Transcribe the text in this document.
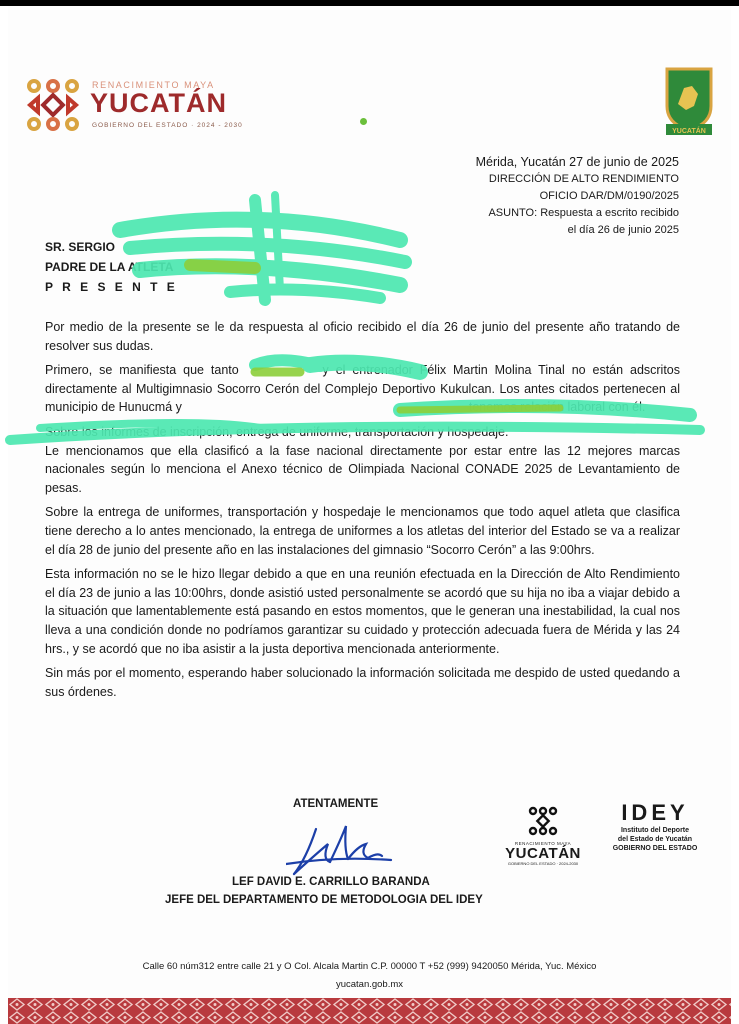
RENACIMIENTO MAYA
YUCATÁN
GOBIERNO DEL ESTADO · 2024 - 2030
YUCATÁN
Mérida, Yucatán 27 de junio de 2025
DIRECCIÓN DE ALTO RENDIMIENTO
OFICIO DAR/DM/0190/2025
ASUNTO: Respuesta a escrito recibido
el día 26 de junio 2025
SR. SERGIO
PADRE DE LA ATLETA
P R E S E N T E

Por medio de la presente se le da respuesta al oficio recibido el día 26 de junio del presente año tratando de resolver sus dudas.

Primero, se manifiesta que tanto	y el entrenador Félix Martin Molina Tinal no están adscritos directamente al Multigimnasio Socorro Cerón del Complejo Deportivo Kukulcan. Los antes citados pertenecen al municipio de Hunucmá y	tenemos relación laboral con él.

Sobre los informes de inscripción, entrega de uniforme, transportación y hospedaje.

Le mencionamos que ella clasificó a la fase nacional directamente por estar entre las 12 mejores marcas nacionales según lo menciona el Anexo técnico de Olimpiada Nacional CONADE 2025 de Levantamiento de pesas.

Sobre la entrega de uniformes, transportación y hospedaje le mencionamos que todo aquel atleta que clasifica tiene derecho a lo antes mencionado, la entrega de uniformes a los atletas del interior del Estado se va a realizar el día 28 de junio del presente año en las instalaciones del gimnasio “Socorro Cerón” a las 9:00hrs.

Esta información no se le hizo llegar debido a que en una reunión efectuada en la Dirección de Alto Rendimiento el día 23 de junio a las 10:00hrs, donde asistió usted personalmente se acordó que su hija no iba a viajar debido a la situación que lamentablemente está pasando en estos momentos, que le generan una inestabilidad, la cual nos lleva a una condición donde no podríamos garantizar su cuidado y protección adecuada fuera de Mérida y las 24 hrs., y se acordó que no iba asistir a la justa deportiva mencionada anteriormente.

Sin más por el momento, esperando haber solucionado la información solicitada me despido de usted quedando a sus órdenes.

ATENTAMENTE
LEF DAVID E. CARRILLO BARANDA
JEFE DEL DEPARTAMENTO DE METODOLOGIA DEL IDEY
RENACIMIENTO MAYA
YUCATÁN
GOBIERNO DEL ESTADO · 2024-2030
IDEY
Instituto del Deporte
del Estado de Yucatán
GOBIERNO DEL ESTADO
Calle 60 núm312 entre calle 21 y O Col. Alcala Martin C.P. 00000 T +52 (999) 9420050 Mérida, Yuc. México
yucatan.gob.mx
